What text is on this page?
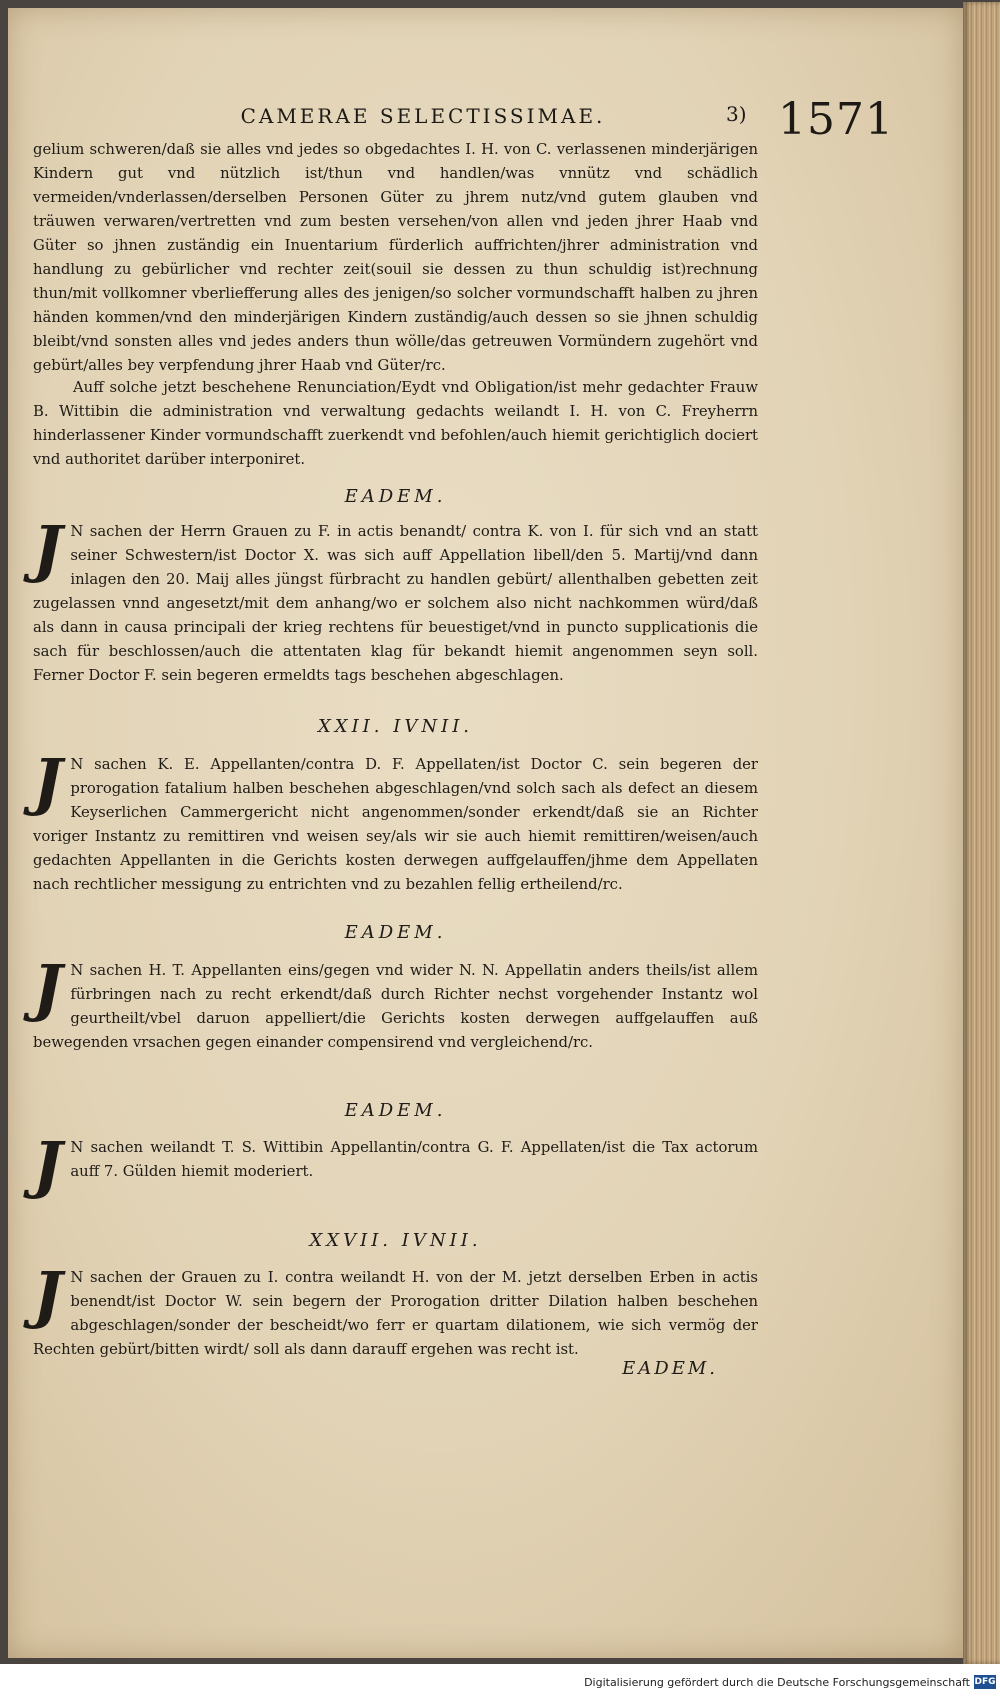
CAMERAE SELECTISSIMAE.	3) 1571
gelium schweren/daß sie alles vnd jedes so obgedachtes I. H. von C. verlassenen minderjärigen Kindern gut vnd nützlich ist/thun vnd handlen/was vnnütz vnd schädlich vermeiden/vnderlassen/derselben Personen Güter zu jhrem nutz/vnd gutem glauben vnd träuwen verwaren/vertretten vnd zum besten versehen/von allen vnd jeden jhrer Haab vnd Güter so jhnen zuständig ein Inuentarium fürderlich auffrichten/jhrer administration vnd handlung zu gebürlicher vnd rechter zeit(souil sie dessen zu thun schuldig ist)rechnung thun/mit vollkomner vberliefferung alles des jenigen/so solcher vormundschafft halben zu jhren händen kommen/vnd den minderjärigen Kindern zuständig/auch dessen so sie jhnen schuldig bleibt/vnd sonsten alles vnd jedes anders thun wölle/das getreuwen Vormündern zugehört vnd gebürt/alles bey verpfendung jhrer Haab vnd Güter/rc.
Auff solche jetzt beschehene Renunciation/Eydt vnd Obligation/ist mehr gedachter Frauw B. Wittibin die administration vnd verwaltung gedachts weilandt I. H. von C. Freyherrn hinderlassener Kinder vormundschafft zuerkendt vnd befohlen/auch hiemit gerichtiglich dociert vnd authoritet darüber interponiret.
EADEM.
J N sachen der Herrn Grauen zu F. in actis benandt/ contra K. von I. für sich vnd an statt seiner Schwestern/ist Doctor X. was sich auff Appellation libell/den 5. Martij/vnd dann inlagen den 20. Maij alles jüngst fürbracht zu handlen gebürt/ allenthalben gebetten zeit zugelassen vnnd angesetzt/mit dem anhang/wo er solchem also nicht nachkommen würd/daß als dann in causa principali der krieg rechtens für beuestiget/vnd in puncto supplicationis die sach für beschlossen/auch die attentaten klag für bekandt hiemit angenommen seyn soll. Ferner Doctor F. sein begeren ermeldts tags beschehen abgeschlagen.
XXII. IVNII.
J N sachen K. E. Appellanten/contra D. F. Appellaten/ist Doctor C. sein begeren der prorogation fatalium halben beschehen abgeschlagen/vnd solch sach als defect an diesem Keyserlichen Cammergericht nicht angenommen/sonder erkendt/daß sie an Richter voriger Instantz zu remittiren vnd weisen sey/als wir sie auch hiemit remittiren/weisen/auch gedachten Appellanten in die Gerichts kosten derwegen auffgelauffen/jhme dem Appellaten nach rechtlicher messigung zu entrichten vnd zu bezahlen fellig ertheilend/rc.
EADEM.
J N sachen H. T. Appellanten eins/gegen vnd wider N. N. Appellatin anders theils/ist allem fürbringen nach zu recht erkendt/daß durch Richter nechst vorgehender Instantz wol geurtheilt/vbel daruon appelliert/die Gerichts kosten derwegen auffgelauffen auß bewegenden vrsachen gegen einander compensirend vnd vergleichend/rc.
EADEM.
J N sachen weilandt T. S. Wittibin Appellantin/contra G. F. Appellaten/ist die Tax actorum auff 7. Gülden hiemit moderiert.
XXVII. IVNII.
J N sachen der Grauen zu I. contra weilandt H. von der M. jetzt derselben Erben in actis benendt/ist Doctor W. sein begern der Prorogation dritter Dilation halben beschehen abgeschlagen/sonder der bescheidt/wo ferr er quartam dilationem, wie sich vermög der Rechten gebürt/bitten wirdt/ soll als dann darauff ergehen was recht ist.
EADEM.
Digitalisierung gefördert durch die Deutsche Forschungsgemeinschaft DFG
